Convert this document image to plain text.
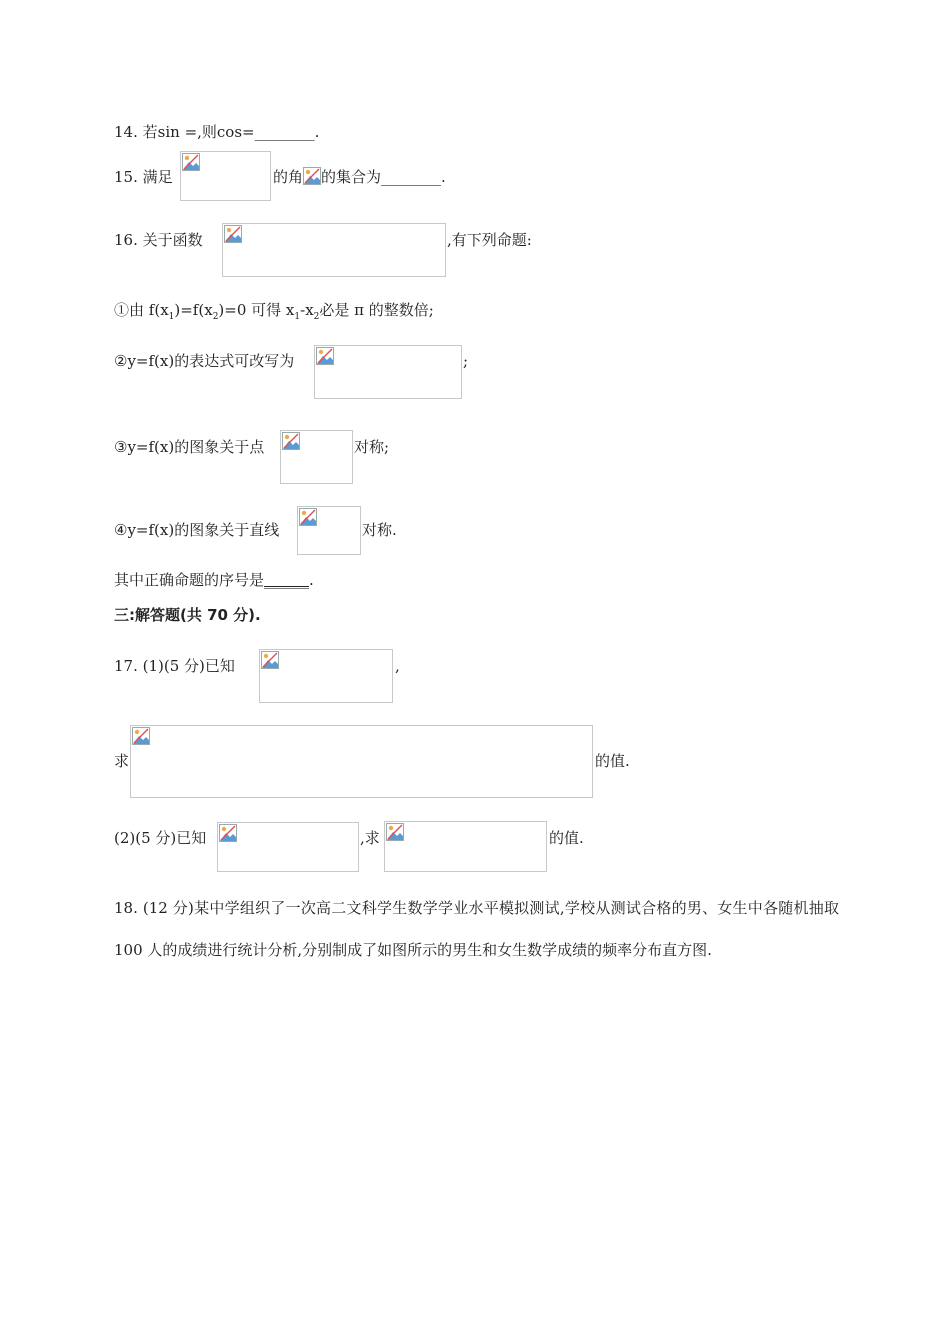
14. 若sin =,则cos=________.
15. 满足	的角 的集合为________.
16. 关于函数	,有下列命题:
①由 $f(x_1)=f(x_2)=0$ 可得 $x_1-x_2$必是 π 的整数倍;
②y=f(x)的表达式可改写为	;
③y=f(x)的图象关于点	对称;
④y=f(x)的图象关于直线	对称.
其中正确命题的序号是______.
三:解答题(共 70 分).
17. (1)(5 分)已知	,
求	的值.
(2)(5 分)已知	,求	的值.
18. (12 分)某中学组织了一次高二文科学生数学学业水平模拟测试,学校从测试合格的男、女生中各随机抽取 100 人的成绩进行统计分析,分别制成了如图所示的男生和女生数学成绩的频率分布直方图.
